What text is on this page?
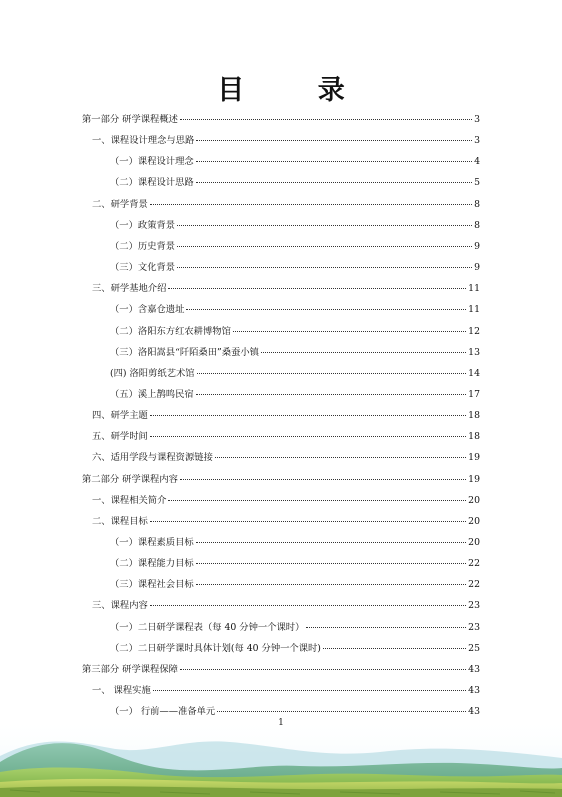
目 录
第一部分 研学课程概述	3
一、课程设计理念与思路	3
（一）课程设计理念	4
（二）课程设计思路	5
二、研学背景	8
（一）政策背景	8
（二）历史背景	9
（三）文化背景	9
三、研学基地介绍	11
（一）含嘉仓遗址	11
（二）洛阳东方红农耕博物馆	12
（三）洛阳嵩县“阡陌桑田”桑蚕小镇	13
(四) 洛阳剪纸艺术馆	14
（五）溪上鹊鸣民宿	17
四、研学主题	18
五、研学时间	18
六、适用学段与课程资源链接	19
第二部分 研学课程内容	19
一、课程相关简介	20
二、课程目标	20
（一）课程素质目标	20
（二）课程能力目标	22
（三）课程社会目标	22
三、课程内容	23
（一）二日研学课程表（每 40 分钟一个课时）	23
（二）二日研学课时具体计划(每 40 分钟一个课时)	25
第三部分 研学课程保障	43
一、 课程实施	43
（一） 行前——准备单元	43
